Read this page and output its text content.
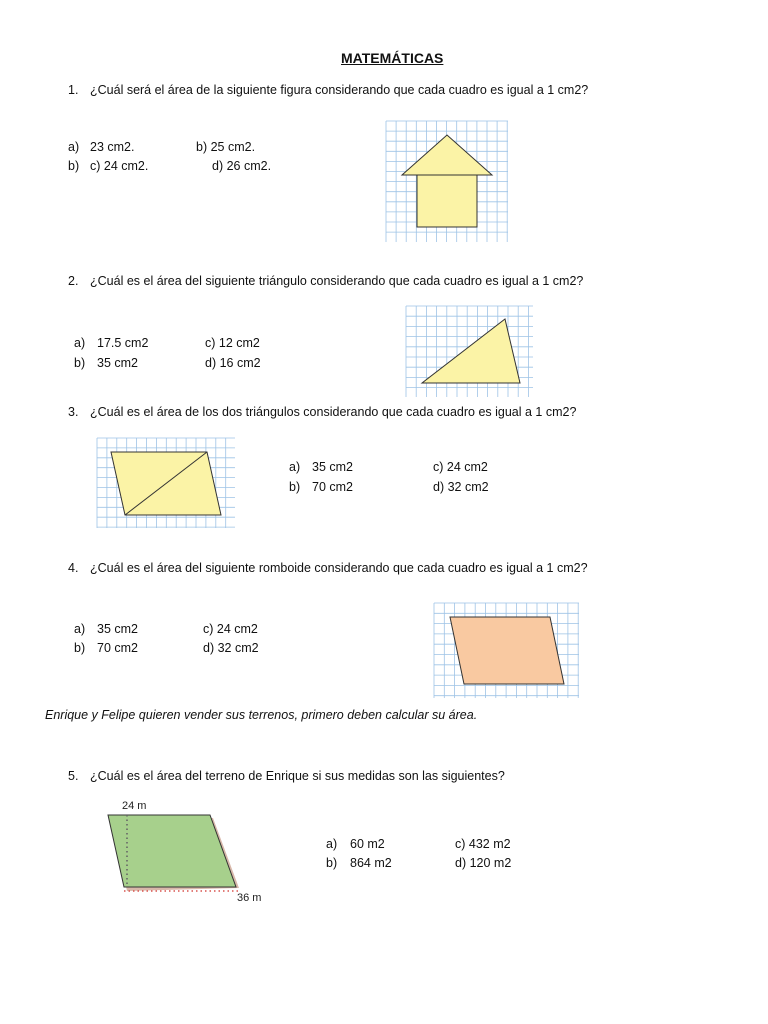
MATEMÁTICAS
1. ¿Cuál será el área de la siguiente figura considerando que cada cuadro es igual a 1 cm2?
a) 23 cm2.	b) 25 cm2.
b) c) 24 cm2.	d) 26 cm2.
2. ¿Cuál es el área del siguiente triángulo considerando que cada cuadro es igual a 1 cm2?
a) 17.5 cm2	c) 12 cm2
b) 35 cm2	d) 16 cm2
3. ¿Cuál es el área de los dos triángulos considerando que cada cuadro es igual a 1 cm2?
a) 35 cm2	c) 24 cm2
b) 70 cm2	d) 32 cm2
4. ¿Cuál es el área del siguiente romboide considerando que cada cuadro es igual a 1 cm2?
a) 35 cm2	c) 24 cm2
b) 70 cm2	d) 32 cm2
Enrique y Felipe quieren vender sus terrenos, primero deben calcular su área.
5. ¿Cuál es el área del terreno de Enrique si sus medidas son las siguientes?
24 m
36 m
a) 60 m2	c) 432 m2
b) 864 m2	d) 120 m2
